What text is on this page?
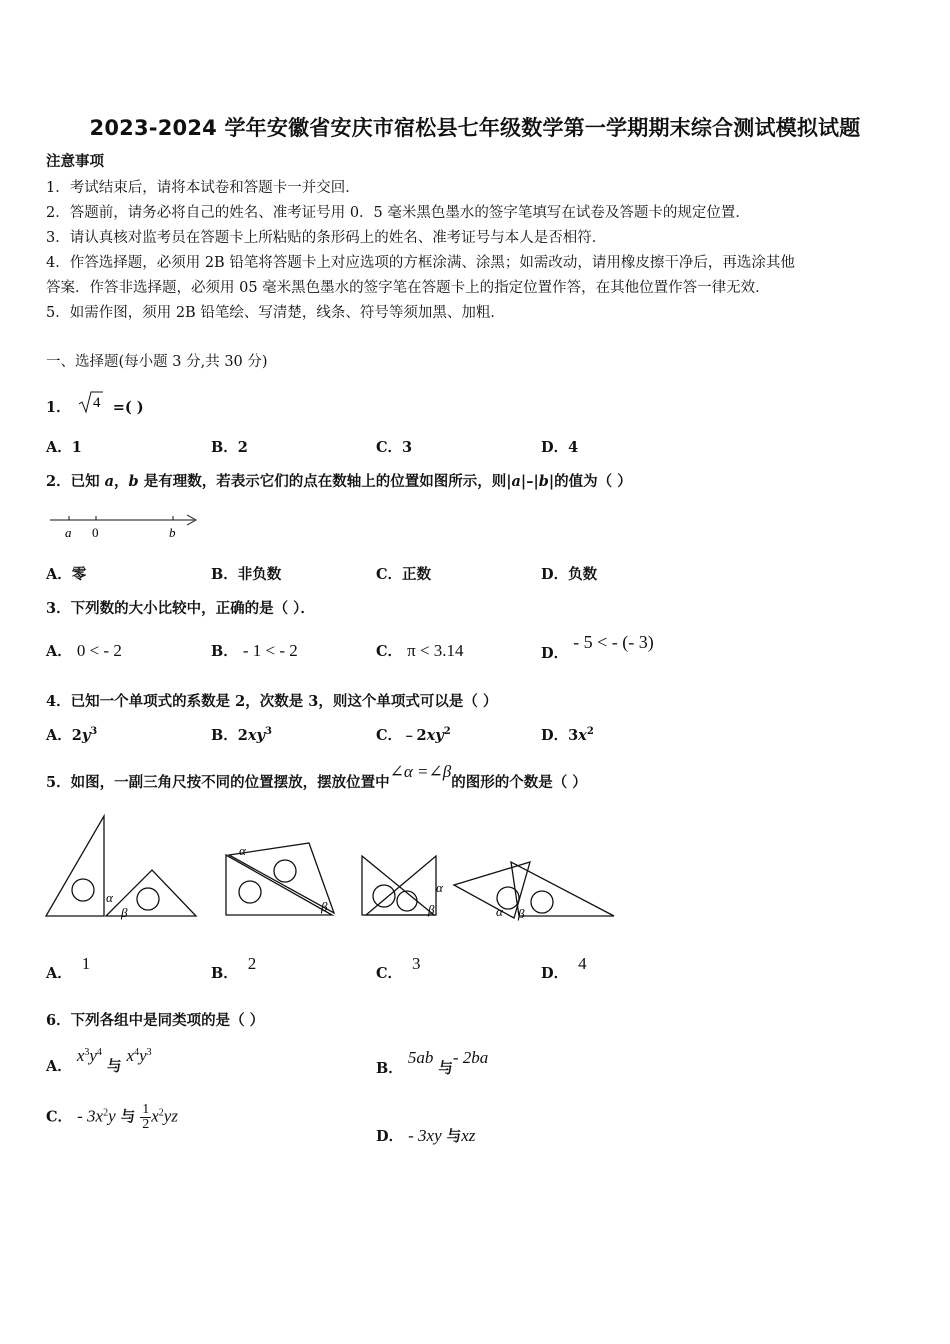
2023-2024 学年安徽省安庆市宿松县七年级数学第一学期期末综合测试模拟试题
注意事项
1．考试结束后，请将本试卷和答题卡一并交回．
2．答题前，请务必将自己的姓名、准考证号用 0．5 毫米黑色墨水的签字笔填写在试卷及答题卡的规定位置．
3．请认真核对监考员在答题卡上所粘贴的条形码上的姓名、准考证号与本人是否相符．
4．作答选择题，必须用 2B 铅笔将答题卡上对应选项的方框涂满、涂黑；如需改动，请用橡皮擦干净后，再选涂其他
答案．作答非选择题，必须用 05 毫米黑色墨水的签字笔在答题卡上的指定位置作答，在其他位置作答一律无效．
5．如需作图，须用 2B 铅笔绘、写清楚，线条、符号等须加黑、加粗．
一、选择题(每小题 3 分,共 30 分)
1． 4 =( )
A．1	B．2	C．3	D．4
2．已知 a，b 是有理数，若表示它们的点在数轴上的位置如图所示，则|a|–|b|的值为（ ）
a 0	b
A．零	B．非负数	C．正数	D．负数
3．下列数的大小比较中，正确的是（ ）．
A． 0 < - 2	B． - 1 < - 2	C． π < 3.14	D． - 5 < - (- 3)
4．已知一个单项式的系数是 2，次数是 3，则这个单项式可以是（ ）
A．$2y^3$	B．$2xy^3$	C．$﹣2xy^2$	D．$3x^2$
5．如图，一副三角尺按不同的位置摆放，摆放位置中∠α =∠β的图形的个数是（ ）
α
β
α
β
α
β	α β
A．1
B．2
C．3
D．4
6．下列各组中是同类项的是（ ）
A． $x^3y^4$ 与 $x^4y^3$
B． 5ab 与- 2ba
C． - $3x^2y$ 与 $\frac{1}{2} x^2yz$
D． - 3xy 与xz
